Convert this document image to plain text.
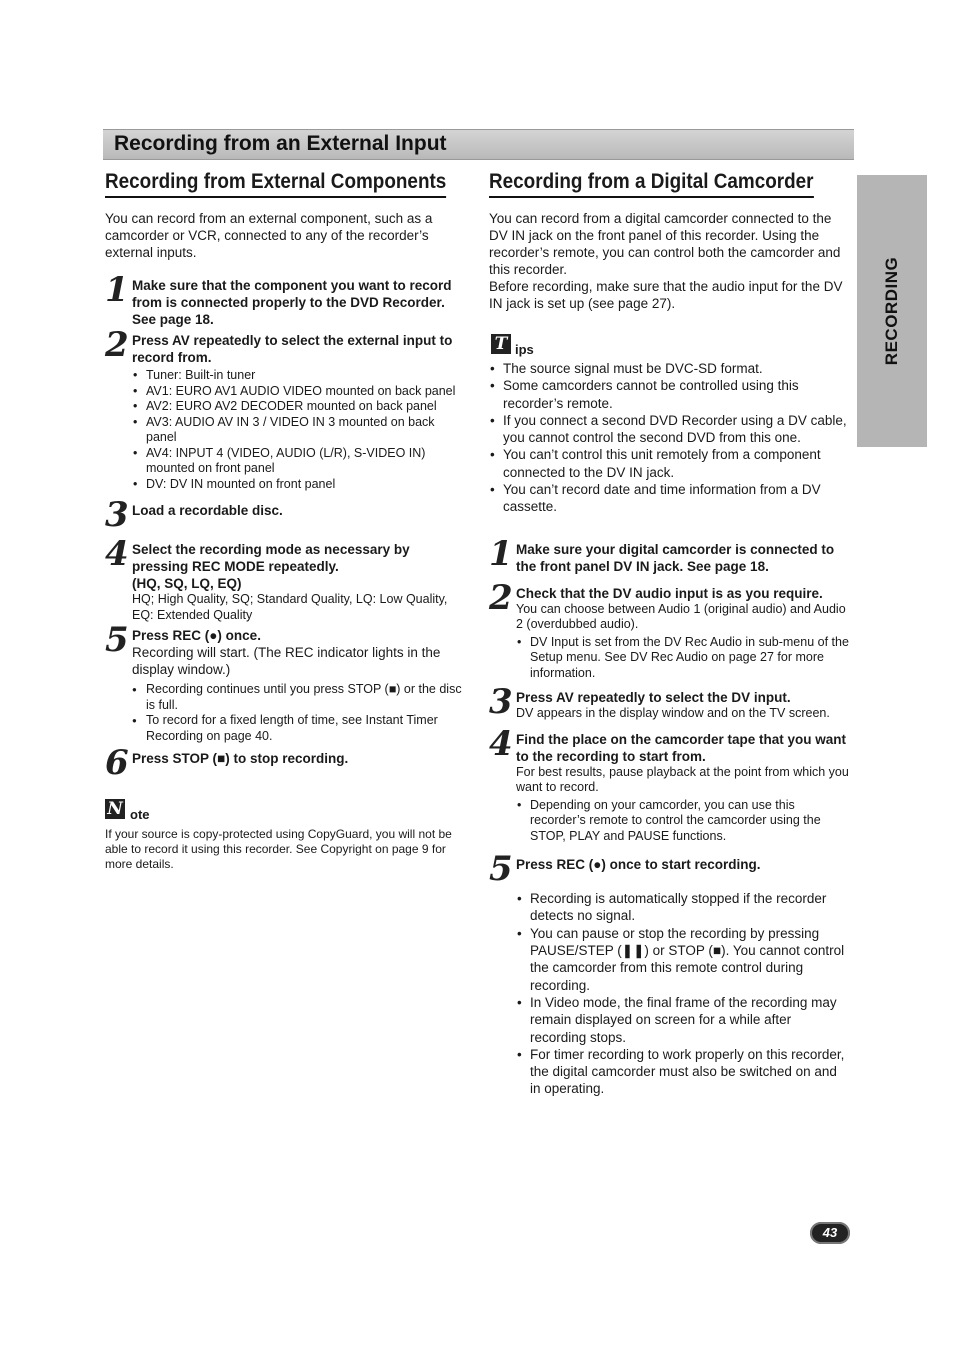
Recording from an External Input
RECORDING
Recording from External Components

You can record from an external component, such as a camcorder or VCR, connected to any of the recorder’s external inputs.

1 Make sure that the component you want to record from is connected properly to the DVD Recorder. See page 18.

2 Press AV repeatedly to select the external input to record from.

• Tuner: Built-in tuner
• AV1: EURO AV1 AUDIO VIDEO mounted on back panel
• AV2: EURO AV2 DECODER mounted on back panel
• AV3: AUDIO AV IN 3 / VIDEO IN 3 mounted on back panel
• AV4: INPUT 4 (VIDEO, AUDIO (L/R), S-VIDEO IN) mounted on front panel
• DV: DV IN mounted on front panel
3 Load a recordable disc.

4 Select the recording mode as necessary by pressing REC MODE repeatedly.

(HQ, SQ, LQ, EQ)

HQ; High Quality, SQ; Standard Quality, LQ: Low Quality, EQ: Extended Quality

5 Press REC (●) once.

Recording will start. (The REC indicator lights in the display window.)

● Recording continues until you press STOP (■) or the disc is full.
● To record for a fixed length of time, see Instant Timer Recording on page 40.
6 Press STOP (■) to stop recording.

N ote

If your source is copy-protected using CopyGuard, you will not be able to record it using this recorder. See Copyright on page 9 for more details.

Recording from a Digital Camcorder

You can record from a digital camcorder connected to the DV IN jack on the front panel of this recorder. Using the recorder’s remote, you can control both the camcorder and this recorder.

Before recording, make sure that the audio input for the DV IN jack is set up (see page 27).

T ips
• The source signal must be DVC-SD format.
• Some camcorders cannot be controlled using this recorder’s remote.
• If you connect a second DVD Recorder using a DV cable, you cannot control the second DVD from this one.
• You can’t control this unit remotely from a component connected to the DV IN jack.
• You can’t record date and time information from a DV cassette.
1 Make sure your digital camcorder is connected to the front panel DV IN jack. See page 18.

2 Check that the DV audio input is as you require.

You can choose between Audio 1 (original audio) and Audio 2 (overdubbed audio).

• DV Input is set from the DV Rec Audio in sub-menu of the Setup menu. See DV Rec Audio on page 27 for more information.
3 Press AV repeatedly to select the DV input.

DV appears in the display window and on the TV screen.

4 Find the place on the camcorder tape that you want to the recording to start from.

For best results, pause playback at the point from which you want to record.

• Depending on your camcorder, you can use this recorder’s remote to control the camcorder using the STOP, PLAY and PAUSE functions.
5 Press REC (●) once to start recording.

• Recording is automatically stopped if the recorder detects no signal.
• You can pause or stop the recording by pressing PAUSE/STEP (❚❚) or STOP (■). You cannot control the camcorder from this remote control during recording.
• In Video mode, the final frame of the recording may remain displayed on screen for a while after recording stops.
• For timer recording to work properly on this recorder, the digital camcorder must also be switched on and in operating.
43
